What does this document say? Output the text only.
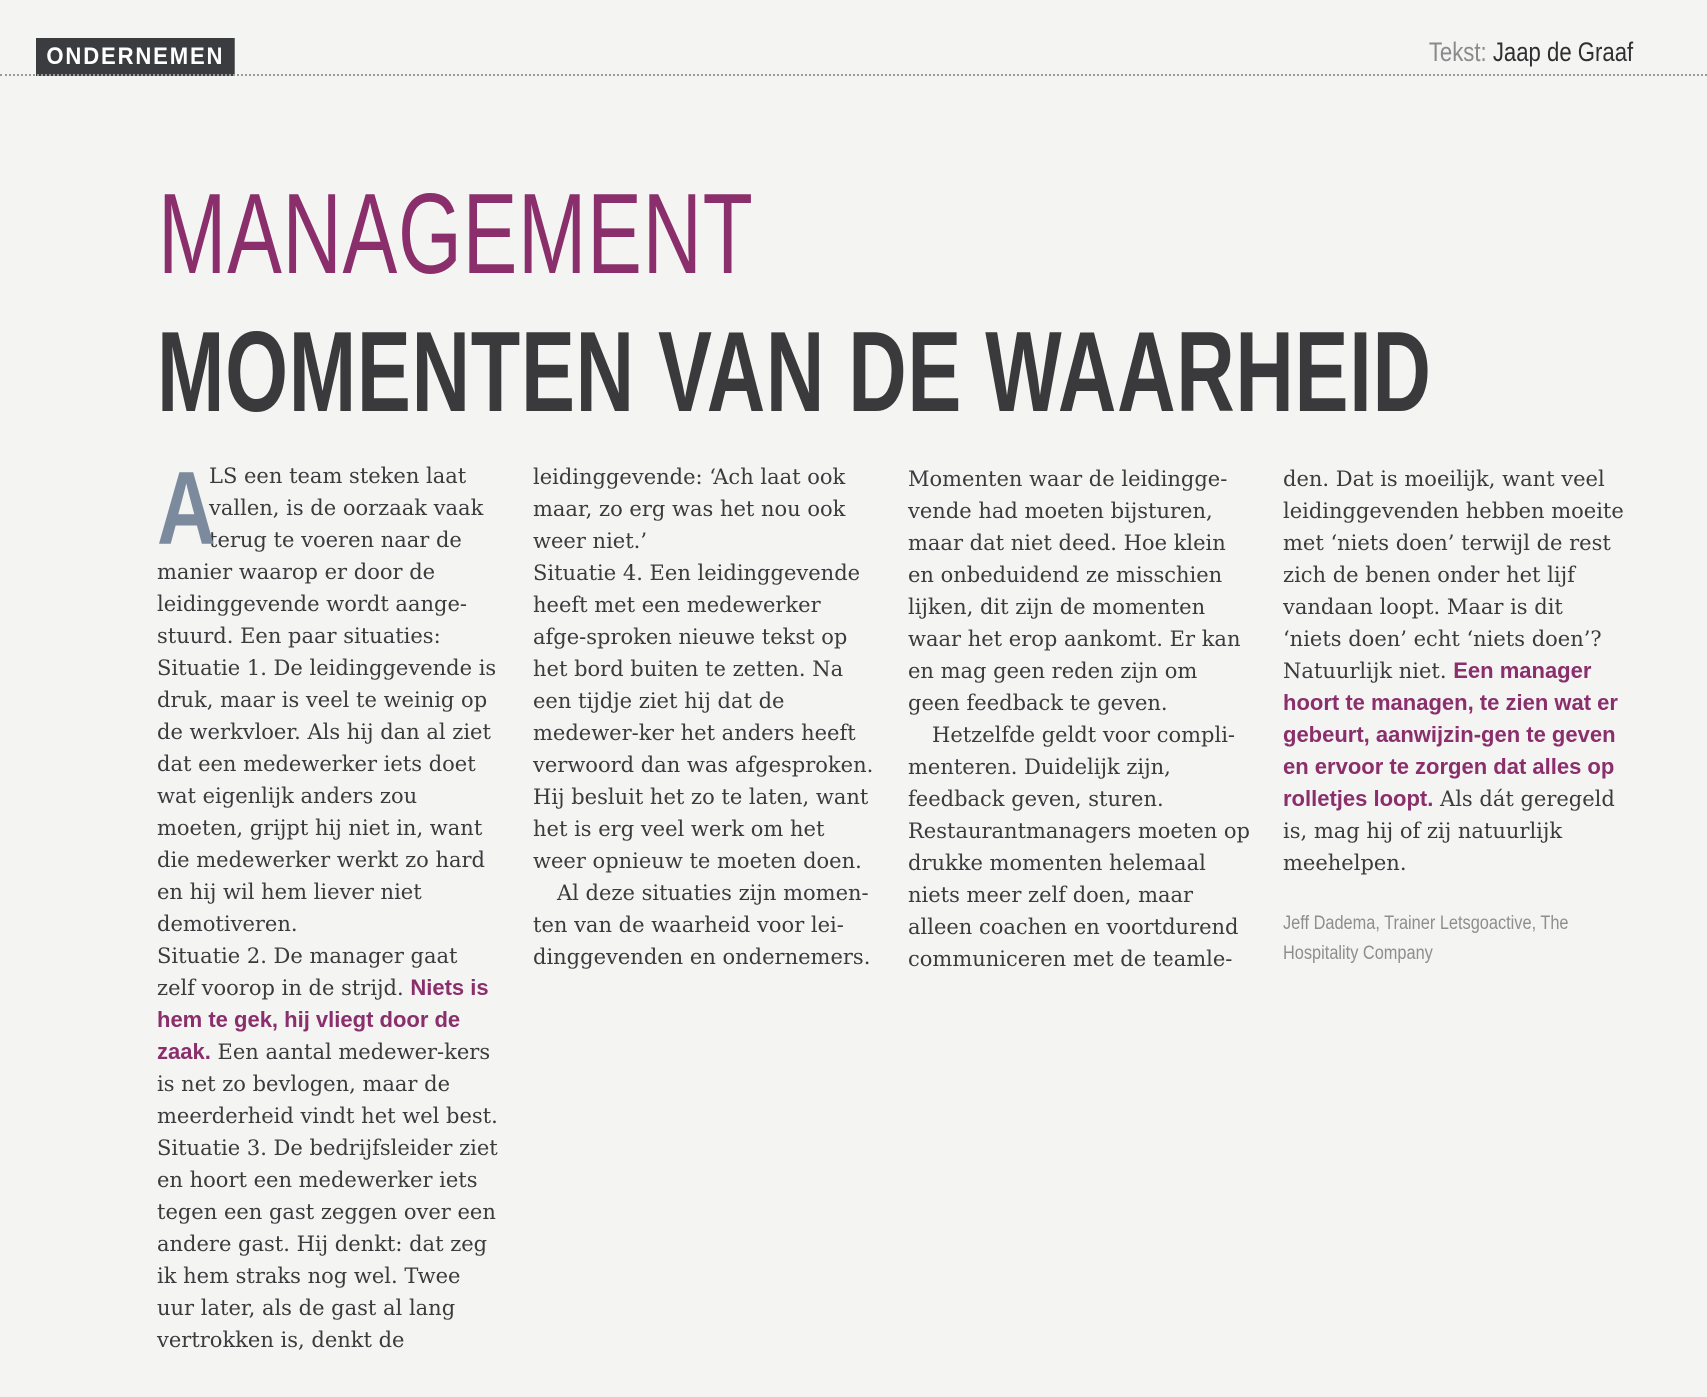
ONDERNEMEN	Tekst: Jaap de Graaf
MANAGEMENT
MOMENTEN VAN DE WAARHEID

A
LS een team steken laat vallen, is de oorzaak vaak terug te voeren naar de manier waarop er door de leidinggevende wordt aange-stuurd. Een paar situaties:

Situatie 1. De leidinggevende is druk, maar is veel te weinig op de werkvloer. Als hij dan al ziet dat een medewerker iets doet wat eigenlijk anders zou moeten, grijpt hij niet in, want die medewerker werkt zo hard en hij wil hem liever niet demotiveren.

Situatie 2. De manager gaat zelf voorop in de strijd. Niets is hem te gek, hij vliegt door de zaak. Een aantal medewer-kers is net zo bevlogen, maar de meerderheid vindt het wel best.

Situatie 3. De bedrijfsleider ziet en hoort een medewerker iets tegen een gast zeggen over een andere gast. Hij denkt: dat zeg ik hem straks nog wel. Twee uur later, als de gast al lang vertrokken is, denkt de

leidinggevende: ‘Ach laat ook maar, zo erg was het nou ook weer niet.’

Situatie 4. Een leidinggevende heeft met een medewerker afge-sproken nieuwe tekst op het bord buiten te zetten. Na een tijdje ziet hij dat de medewer-ker het anders heeft verwoord dan was afgesproken. Hij besluit het zo te laten, want het is erg veel werk om het weer opnieuw te moeten doen.

Al deze situaties zijn momen-ten van de waarheid voor lei-dinggevenden en ondernemers.

Momenten waar de leidingge-vende had moeten bijsturen, maar dat niet deed. Hoe klein en onbeduidend ze misschien lijken, dit zijn de momenten waar het erop aankomt. Er kan en mag geen reden zijn om geen feedback te geven.

Hetzelfde geldt voor compli-menteren. Duidelijk zijn, feedback geven, sturen. Restaurantmanagers moeten op drukke momenten helemaal niets meer zelf doen, maar alleen coachen en voortdurend communiceren met de teamle-

den. Dat is moeilijk, want veel leidinggevenden hebben moeite met ‘niets doen’ terwijl de rest zich de benen onder het lijf vandaan loopt. Maar is dit ‘niets doen’ echt ‘niets doen’? Natuurlijk niet. Een manager hoort te managen, te zien wat er gebeurt, aanwijzin-gen te geven en ervoor te zorgen dat alles op rolletjes loopt. Als dát geregeld is, mag hij of zij natuurlijk meehelpen.

Jeff Dadema, Trainer Letsgoactive, The
Hospitality Company
